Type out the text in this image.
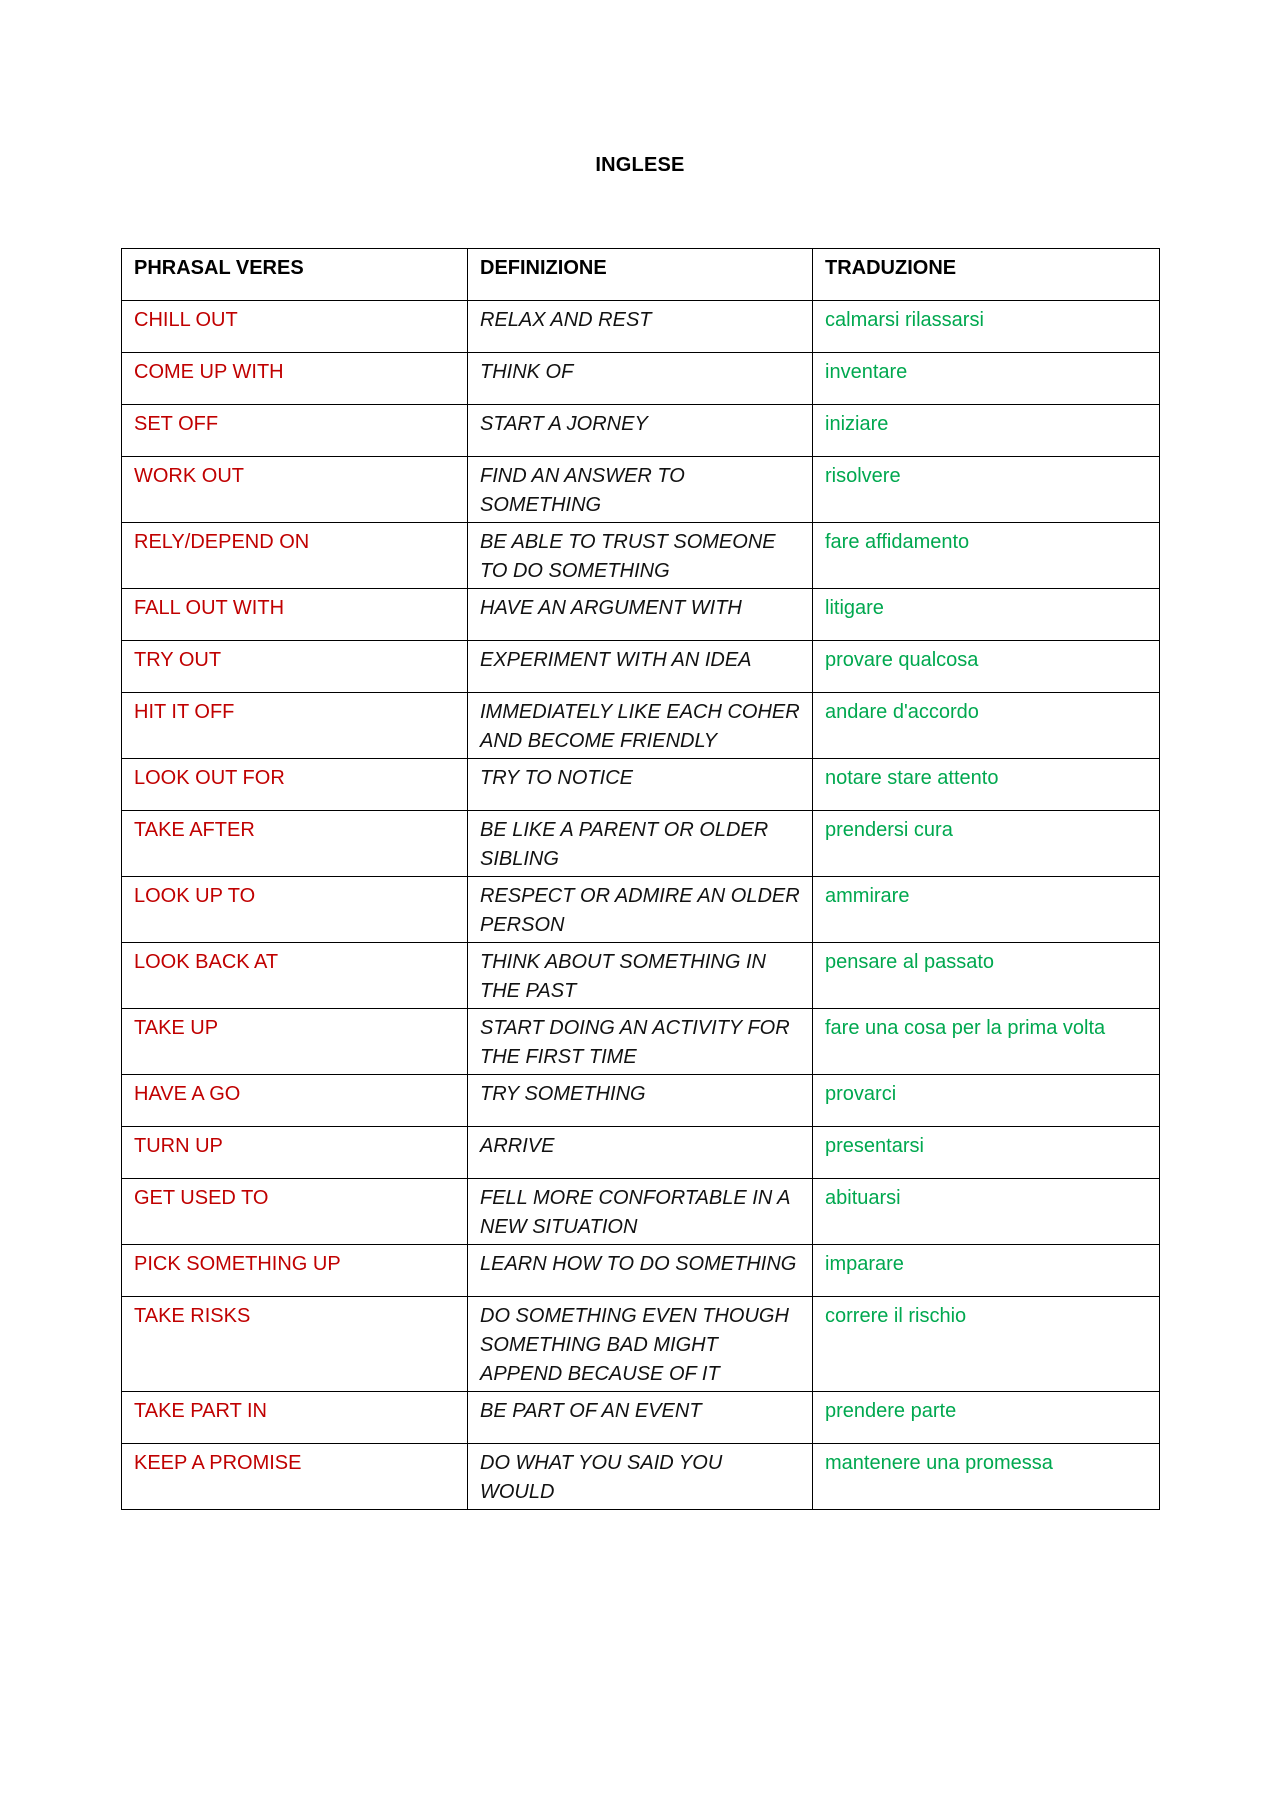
INGLESE
PHRASAL VERES	DEFINIZIONE	TRADUZIONE
CHILL OUT	RELAX AND REST	calmarsi rilassarsi
COME UP WITH	THINK OF	inventare
SET OFF	START A JORNEY	iniziare
WORK OUT	FIND AN ANSWER TO SOMETHING	risolvere
RELY/DEPEND ON	BE ABLE TO TRUST SOMEONE TO DO SOMETHING	fare affidamento
FALL OUT WITH	HAVE AN ARGUMENT WITH	litigare
TRY OUT	EXPERIMENT WITH AN IDEA	provare qualcosa
HIT IT OFF	IMMEDIATELY LIKE EACH COHER AND BECOME FRIENDLY	andare d'accordo
LOOK OUT FOR	TRY TO NOTICE	notare stare attento
TAKE AFTER	BE LIKE A PARENT OR OLDER SIBLING	prendersi cura
LOOK UP TO	RESPECT OR ADMIRE AN OLDER PERSON	ammirare
LOOK BACK AT	THINK ABOUT SOMETHING IN THE PAST	pensare al passato
TAKE UP	START DOING AN ACTIVITY FOR THE FIRST TIME	fare una cosa per la prima volta
HAVE A GO	TRY SOMETHING	provarci
TURN UP	ARRIVE	presentarsi
GET USED TO	FELL MORE CONFORTABLE IN A NEW SITUATION	abituarsi
PICK SOMETHING UP	LEARN HOW TO DO SOMETHING	imparare
TAKE RISKS	DO SOMETHING EVEN THOUGH SOMETHING BAD MIGHT APPEND BECAUSE OF IT	correre il rischio
TAKE PART IN	BE PART OF AN EVENT	prendere parte
KEEP A PROMISE	DO WHAT YOU SAID YOU WOULD	mantenere una promessa
